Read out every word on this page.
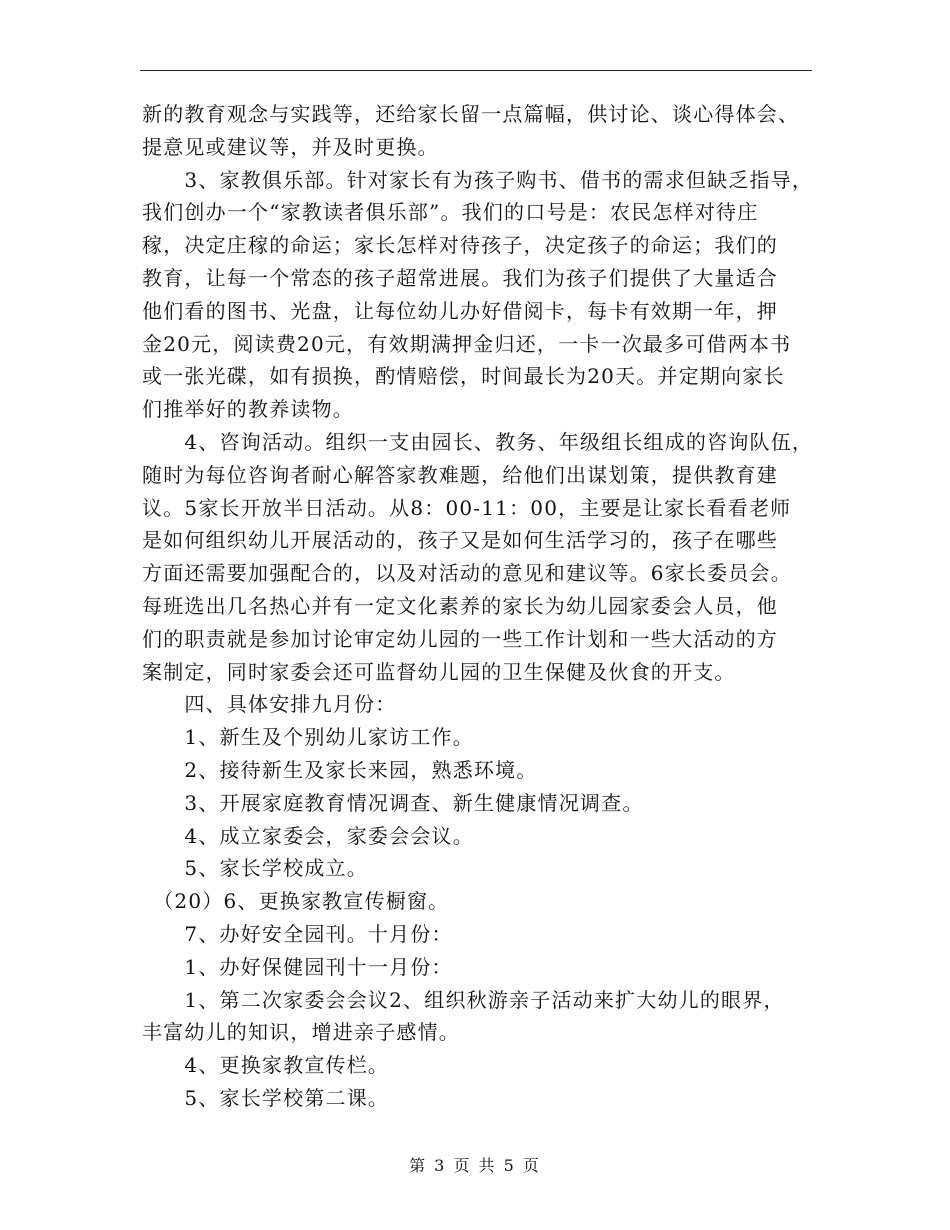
新的教育观念与实践等，还给家长留一点篇幅，供讨论、谈心得体会、
提意见或建议等，并及时更换。
　　3、家教俱乐部。针对家长有为孩子购书、借书的需求但缺乏指导，
我们创办一个“家教读者俱乐部”。我们的口号是：农民怎样对待庄
稼，决定庄稼的命运；家长怎样对待孩子，决定孩子的命运；我们的
教育，让每一个常态的孩子超常进展。我们为孩子们提供了大量适合
他们看的图书、光盘，让每位幼儿办好借阅卡，每卡有效期一年，押
金20元，阅读费20元，有效期满押金归还，一卡一次最多可借两本书
或一张光碟，如有损换，酌情赔偿，时间最长为20天。并定期向家长
们推举好的教养读物。
　　4、咨询活动。组织一支由园长、教务、年级组长组成的咨询队伍，
随时为每位咨询者耐心解答家教难题，给他们出谋划策，提供教育建
议。5家长开放半日活动。从8：00-11：00，主要是让家长看看老师
是如何组织幼儿开展活动的，孩子又是如何生活学习的，孩子在哪些
方面还需要加强配合的，以及对活动的意见和建议等。6家长委员会。
每班选出几名热心并有一定文化素养的家长为幼儿园家委会人员，他
们的职责就是参加讨论审定幼儿园的一些工作计划和一些大活动的方
案制定，同时家委会还可监督幼儿园的卫生保健及伙食的开支。
　　四、具体安排九月份：
　　1、新生及个别幼儿家访工作。
　　2、接待新生及家长来园，熟悉环境。
　　3、开展家庭教育情况调查、新生健康情况调查。
　　4、成立家委会，家委会会议。
　　5、家长学校成立。
　（20）6、更换家教宣传橱窗。
　　7、办好安全园刊。十月份：
　　1、办好保健园刊十一月份：
　　1、第二次家委会会议2、组织秋游亲子活动来扩大幼儿的眼界，
丰富幼儿的知识，增进亲子感情。
　　4、更换家教宣传栏。
　　5、家长学校第二课。
第 3 页 共 5 页
